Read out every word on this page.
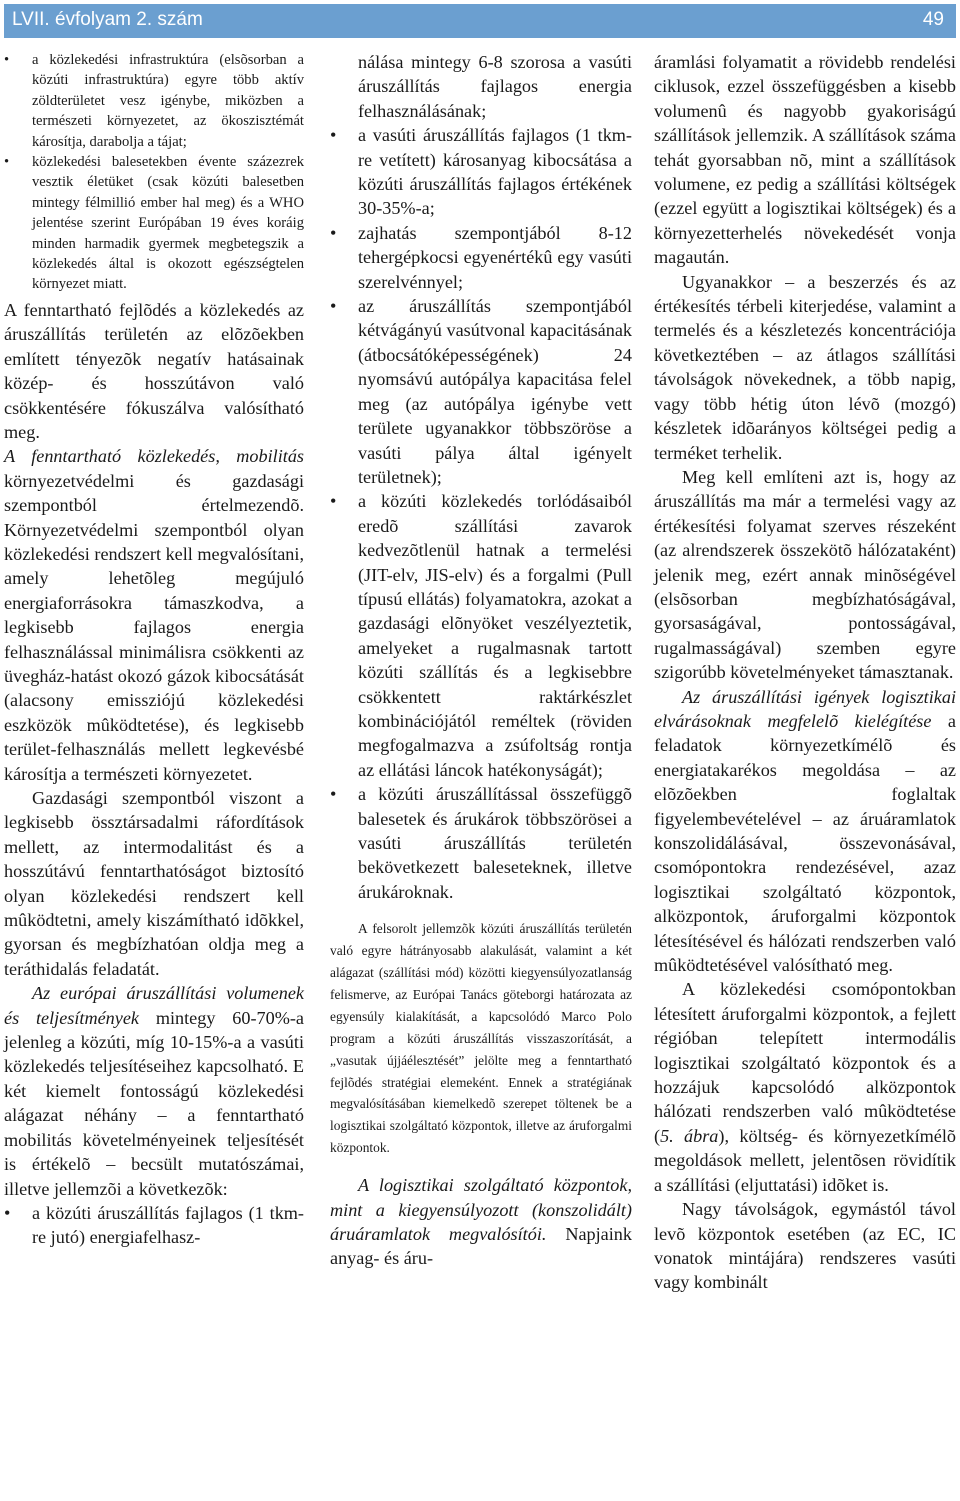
LVII. évfolyam 2. szám	49
• a közlekedési infrastruktúra (elsõsorban a közúti infrastruktúra) egyre több aktív zöldterületet vesz igénybe, miközben a természeti környezetet, az ökoszisztémát károsítja, darabolja a tájat;
• közlekedési balesetekben évente százezrek vesztik életüket (csak közúti balesetben mintegy félmillió ember hal meg) és a WHO jelentése szerint Európában 19 éves koráig minden harmadik gyermek megbetegszik a közlekedés által is okozott egészségtelen környezet miatt.

A fenntartható fejlõdés a közlekedés az áruszállítás területén az elõzõekben említett tényezõk negatív hatásainak közép- és hosszútávon való csökkentésére fókuszálva valósítható meg.

A fenntartható közlekedés, mobilitás környezetvédelmi és gazdasági szempontból értelmezendõ. Környezetvédelmi szempontból olyan közlekedési rendszert kell megvalósítani, amely lehetõleg megújuló energiaforrásokra támaszkodva, a legkisebb fajlagos energia felhasználással minimálisra csökkenti az üvegház-hatást okozó gázok kibocsátását (alacsony emissziójú közlekedési eszközök mûködtetése), és legkisebb terület-felhasználás mellett legkevésbé károsítja a természeti környezetet.

Gazdasági szempontból viszont a legkisebb össztársadalmi ráfordítások mellett, az intermodalitást és a hosszútávú fenntarthatóságot biztosító olyan közlekedési rendszert kell mûködtetni, amely kiszámítható idõkkel, gyorsan és megbízhatóan oldja meg a teráthidalás feladatát.

Az európai áruszállítási volumenek és teljesítmények mintegy 60-70%-a jelenleg a közúti, míg 10-15%-a a vasúti közlekedés teljesítéseihez kapcsolható. E két kiemelt fontosságú közlekedési alágazat néhány – a fenntartható mobilitás követelményeinek teljesítését is értékelõ – becsült mutatószámai, illetve jellemzõi a következõk:

• a közúti áruszállítás fajlagos (1 tkm-re jutó) energiafelhasz-

nálása mintegy 6-8 szorosa a vasúti áruszállítás fajlagos energia felhasználásának;

• a vasúti áruszállítás fajlagos (1 tkm-re vetített) károsanyag kibocsátása a közúti áruszállítás fajlagos értékének 30-35%-a;
• zajhatás szempontjából 8-12 tehergépkocsi egyenértékû egy vasúti szerelvénnyel;
• az áruszállítás szempontjából kétvágányú vasútvonal kapacitásának (átbocsátóképességének) 24 nyomsávú autópálya kapacitása felel meg (az autópálya igénybe vett területe ugyanakkor többszöröse a vasúti pálya által igényelt területnek);
• a közúti közlekedés torlódásaiból eredõ szállítási zavarok kedvezõtlenül hatnak a termelési (JIT-elv, JIS-elv) és a forgalmi (Pull típusú ellátás) folyamatokra, azokat a gazdasági elõnyöket veszélyeztetik, amelyeket a rugalmasnak tartott közúti szállítás és a legkisebbre csökkentett raktárkészlet kombinációjától reméltek (röviden megfogalmazva a zsúfoltság rontja az ellátási láncok hatékonyságát);
• a közúti áruszállítással összefüggõ balesetek és árukárok többszörösei a vasúti áruszállítás területén bekövetkezett baleseteknek, illetve árukároknak.

A felsorolt jellemzõk közúti áruszállítás területén való egyre hátrányosabb alakulását, valamint a két alágazat (szállítási mód) közötti kiegyensúlyozatlanság felismerve, az Európai Tanács göteborgi határozata az egyensúly kialakítását, a kapcsolódó Marco Polo program a közúti áruszállítás visszaszorítását, a „vasutak újjáélesztését” jelölte meg a fenntartható fejlõdés stratégiai elemeként. Ennek a stratégiának megvalósításában kiemelkedõ szerepet töltenek be a logisztikai szolgáltató központok, illetve az áruforgalmi központok.

A logisztikai szolgáltató központok, mint a kiegyensúlyozott (konszolidált) áruáramlatok megvalósítói. Napjaink anyag- és áru-

áramlási folyamatit a rövidebb rendelési ciklusok, ezzel összefüggésben a kisebb volumenû és nagyobb gyakoriságú szállítások jellemzik. A szállítások száma tehát gyorsabban nõ, mint a szállítások volumene, ez pedig a szállítási költségek (ezzel együtt a logisztikai költségek) és a környezetterhelés növekedését vonja magaután.

Ugyanakkor – a beszerzés és az értékesítés térbeli kiterjedése, valamint a termelés és a készletezés koncentrációja következtében – az átlagos szállítási távolságok növekednek, a több napig, vagy több hétig úton lévõ (mozgó) készletek idõarányos költségei pedig a terméket terhelik.

Meg kell említeni azt is, hogy az áruszállítás ma már a termelési vagy az értékesítési folyamat szerves részeként (az alrendszerek összekötõ hálózataként) jelenik meg, ezért annak minõségével (elsõsorban megbízhatóságával, gyorsaságával, pontosságával, rugalmasságával) szemben egyre szigorúbb követelményeket támasztanak.

Az áruszállítási igények logisztikai elvárásoknak megfelelõ kielégítése a feladatok környezetkímélõ és energiatakarékos megoldása – az elõzõekben foglaltak figyelembevételével – az áruáramlatok konszolidálásával, összevonásával, csomópontokra rendezésével, azaz logisztikai szolgáltató központok, alközpontok, áruforgalmi központok létesítésével és hálózati rendszerben való mûködtetésével valósítható meg.

A közlekedési csomópontokban létesített áruforgalmi központok, a fejlett régióban telepített intermodális logisztikai szolgáltató központok és a hozzájuk kapcsolódó alközpontok hálózati rendszerben való mûködtetése (5. ábra), költség- és környezetkímélõ megoldások mellett, jelentõsen rövidítik a szállítási (eljuttatási) idõket is.

Nagy távolságok, egymástól távol levõ központok esetében (az EC, IC vonatok mintájára) rendszeres vasúti vagy kombinált
